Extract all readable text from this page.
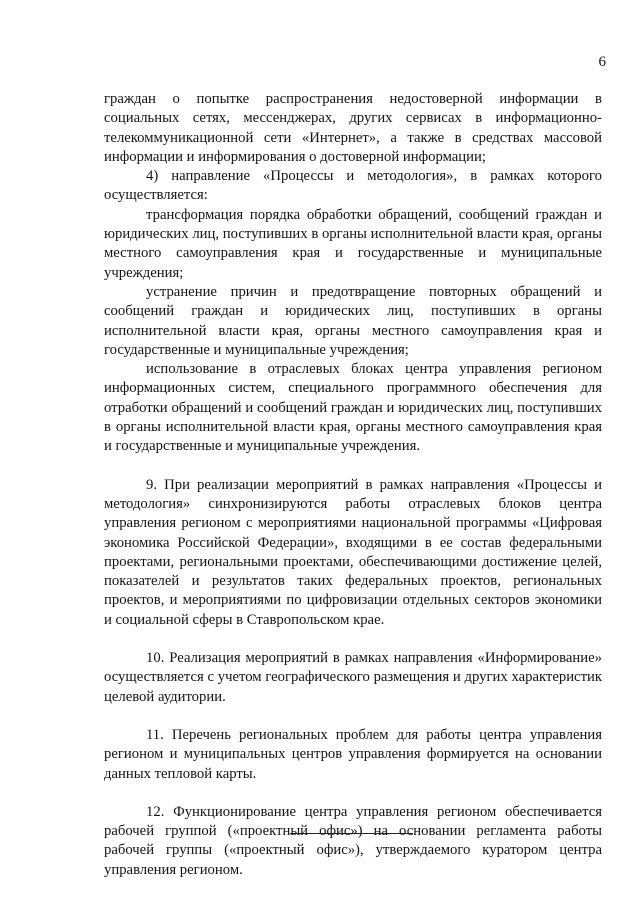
6

граждан о попытке распространения недостоверной информации в социальных сетях, мессенджерах, других сервисах в информационно-телекоммуникационной сети «Интернет», а также в средствах массовой информации и информирования о достоверной информации;

4) направление «Процессы и методология», в рамках которого осуществляется:

трансформация порядка обработки обращений, сообщений граждан и юридических лиц, поступивших в органы исполнительной власти края, органы местного самоуправления края и государственные и муниципальные учреждения;

устранение причин и предотвращение повторных обращений и сообщений граждан и юридических лиц, поступивших в органы исполнительной власти края, органы местного самоуправления края и государственные и муниципальные учреждения;

использование в отраслевых блоках центра управления регионом информационных систем, специального программного обеспечения для отработки обращений и сообщений граждан и юридических лиц, поступивших в органы исполнительной власти края, органы местного самоуправления края и государственные и муниципальные учреждения.

9. При реализации мероприятий в рамках направления «Процессы и методология» синхронизируются работы отраслевых блоков центра управления регионом с мероприятиями национальной программы «Цифровая экономика Российской Федерации», входящими в ее состав федеральными проектами, региональными проектами, обеспечивающими достижение целей, показателей и результатов таких федеральных проектов, региональных проектов, и мероприятиями по цифровизации отдельных секторов экономики и социальной сферы в Ставропольском крае.

10. Реализация мероприятий в рамках направления «Информирование» осуществляется с учетом географического размещения и других характеристик целевой аудитории.

11. Перечень региональных проблем для работы центра управления регионом и муниципальных центров управления формируется на основании данных тепловой карты.

12. Функционирование центра управления регионом обеспечивается рабочей группой («проектный офис») на основании регламента работы рабочей группы («проектный офис»), утверждаемого куратором центра управления регионом.
